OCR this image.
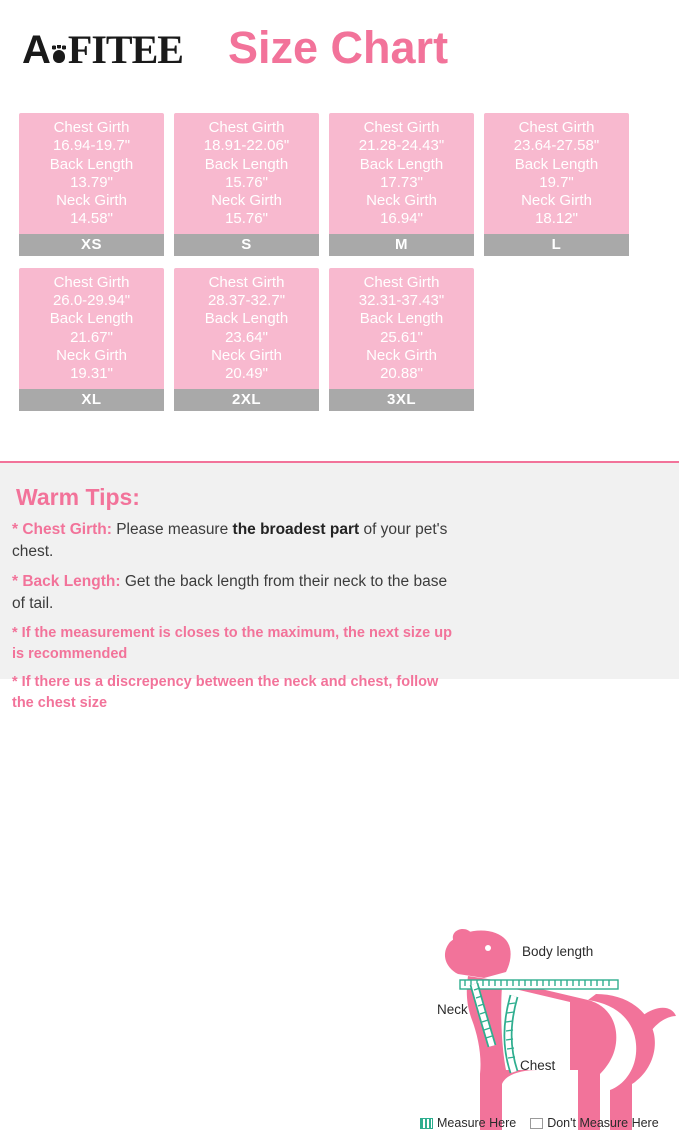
A FITEE Size Chart
Chest Girth
16.94-19.7"
Back Length
13.79"
Neck Girth
14.58"
XS
Chest Girth
18.91-22.06"
Back Length
15.76"
Neck Girth
15.76"
S
Chest Girth
21.28-24.43"
Back Length
17.73"
Neck Girth
16.94"
M
Chest Girth
23.64-27.58"
Back Length
19.7"
Neck Girth
18.12"
L
Chest Girth
26.0-29.94"
Back Length
21.67"
Neck Girth
19.31"
XL
Chest Girth
28.37-32.7"
Back Length
23.64"
Neck Girth
20.49"
2XL
Chest Girth
32.31-37.43"
Back Length
25.61"
Neck Girth
20.88"
3XL
Warm Tips:

* Chest Girth: Please measure the broadest part of your pet's chest.

* Back Length: Get the back length from their neck to the base of tail.

* If the measurement is closes to the maximum, the next size up is recommended

* If there us a discrepency between the neck and chest, follow the chest size

Body length
Neck
Chest
Measure Here Don't Measure Here
